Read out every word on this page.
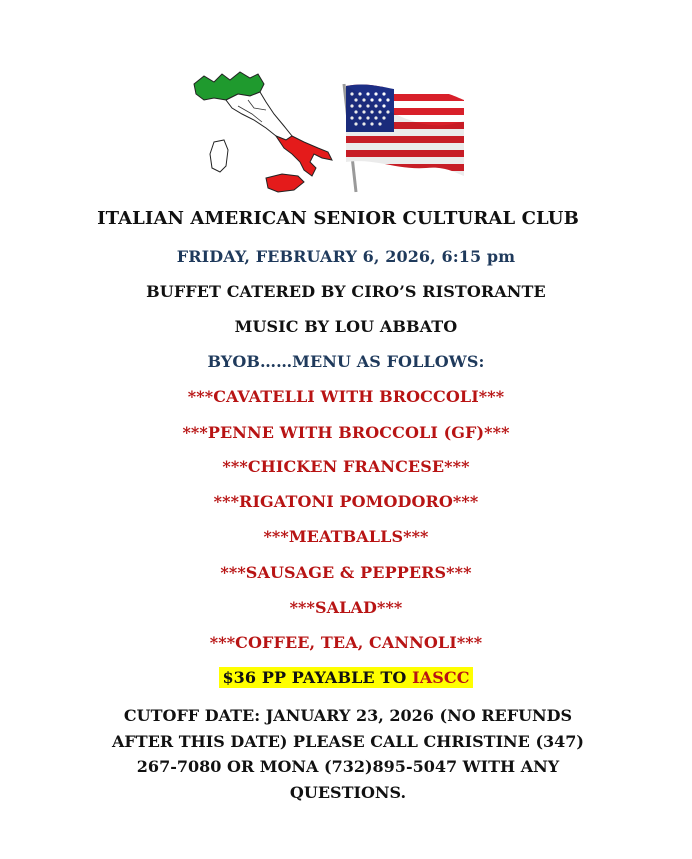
ITALIAN AMERICAN SENIOR CULTURAL CLUB
FRIDAY, FEBRUARY 6, 2026, 6:15 pm
BUFFET CATERED BY CIRO’S RISTORANTE
MUSIC BY LOU ABBATO
BYOB……MENU AS FOLLOWS:
***CAVATELLI WITH BROCCOLI***
***PENNE WITH BROCCOLI (GF)***
***CHICKEN FRANCESE***
***RIGATONI POMODORO***
***MEATBALLS***
***SAUSAGE & PEPPERS***
***SALAD***
***COFFEE, TEA, CANNOLI***
$36 PP PAYABLE TO IASCC
CUTOFF DATE: JANUARY 23, 2026 (NO REFUNDS AFTER THIS DATE) PLEASE CALL CHRISTINE (347) 267-7080 OR MONA (732)895-5047 WITH ANY QUESTIONS.
